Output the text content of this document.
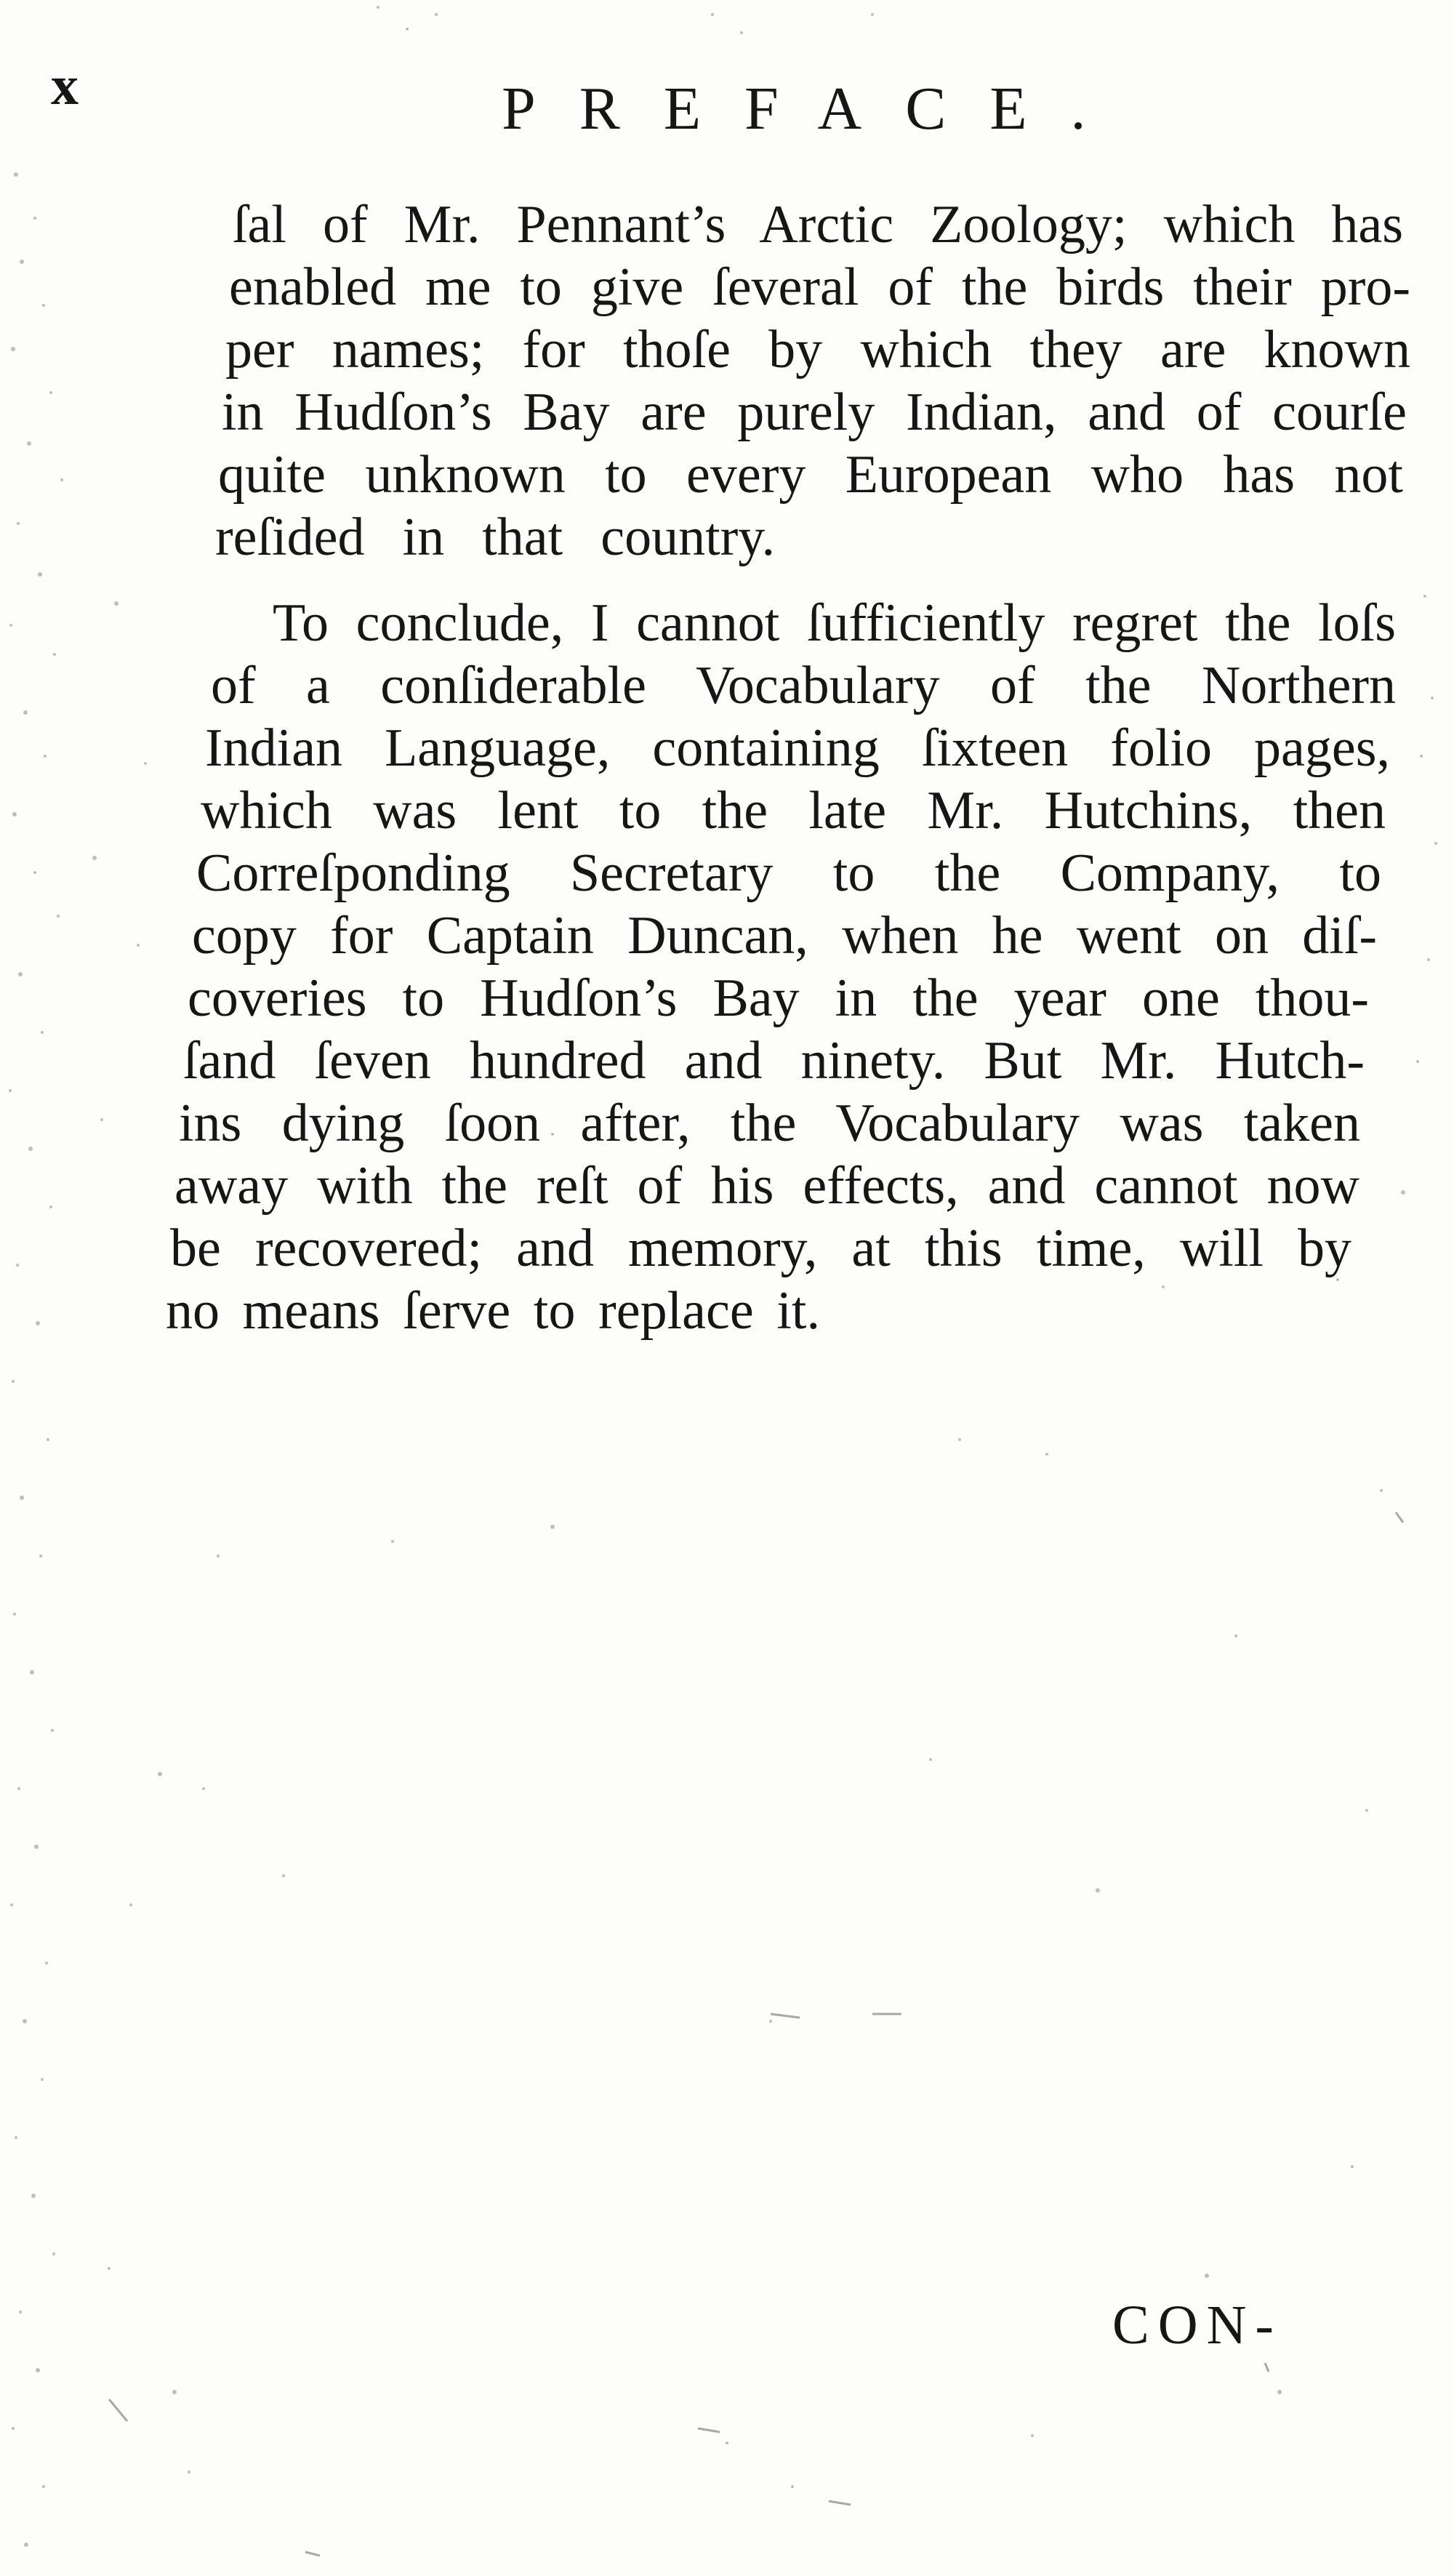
x	PREFACE.
ſal of Mr. Pennant’s Arctic Zoology; which has
enabled me to give ſeveral of the birds their pro-
per names; for thoſe by which they are known
in Hudſon’s Bay are purely Indian, and of courſe
quite unknown to every European who has not
reſided in that country.
To conclude, I cannot ſufficiently regret the loſs
of a conſiderable Vocabulary of the Northern
Indian Language, containing ſixteen folio pages,
which was lent to the late Mr. Hutchins, then
Correſponding Secretary to the Company, to
copy for Captain Duncan, when he went on diſ-
coveries to Hudſon’s Bay in the year one thou-
ſand ſeven hundred and ninety. But Mr. Hutch-
ins dying ſoon after, the Vocabulary was taken
away with the reſt of his effects, and cannot now
be recovered; and memory, at this time, will by
no means ſerve to replace it.
CON-
